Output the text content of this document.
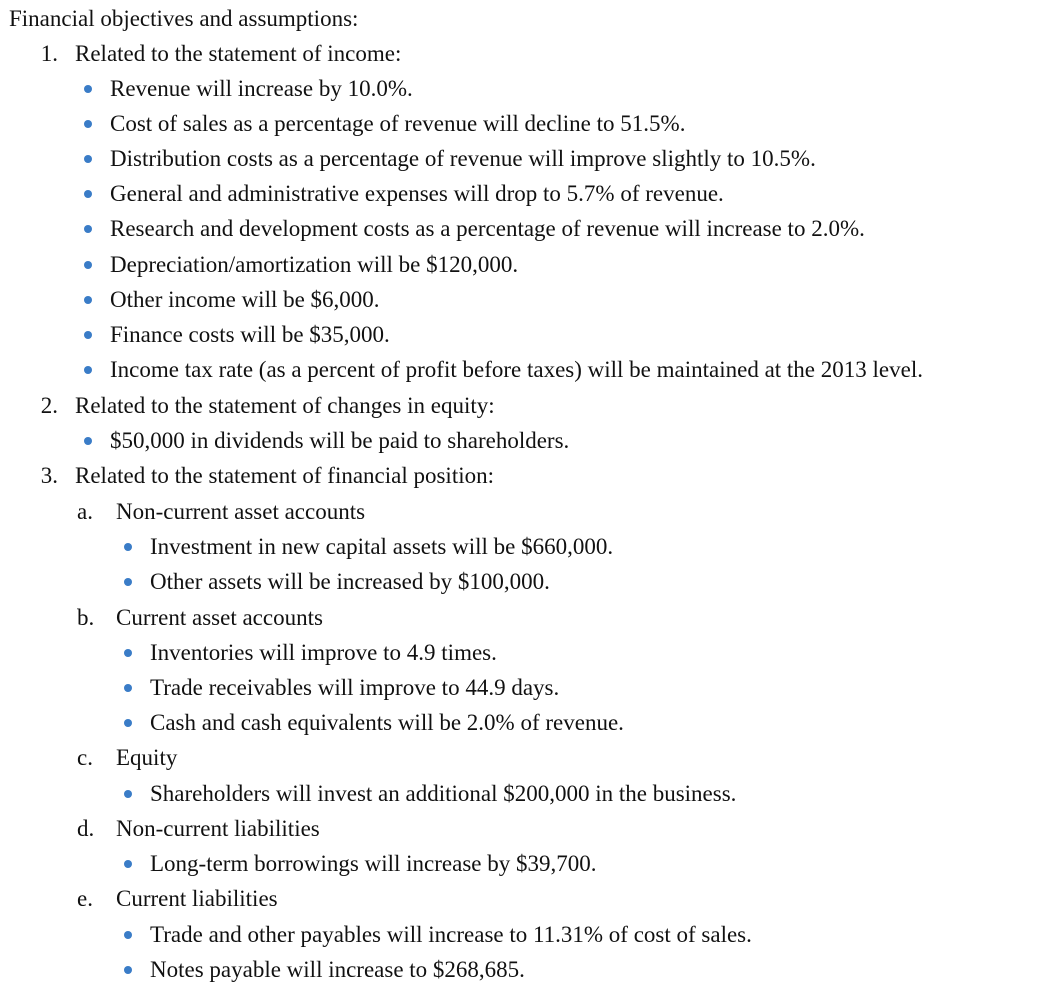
Financial objectives and assumptions:
1. Related to the statement of income:
Revenue will increase by 10.0%.
Cost of sales as a percentage of revenue will decline to 51.5%.
Distribution costs as a percentage of revenue will improve slightly to 10.5%.
General and administrative expenses will drop to 5.7% of revenue.
Research and development costs as a percentage of revenue will increase to 2.0%.
Depreciation/amortization will be $120,000.
Other income will be $6,000.
Finance costs will be $35,000.
Income tax rate (as a percent of profit before taxes) will be maintained at the 2013 level.
2. Related to the statement of changes in equity:
$50,000 in dividends will be paid to shareholders.
3. Related to the statement of financial position:
a. Non-current asset accounts
Investment in new capital assets will be $660,000.
Other assets will be increased by $100,000.
b. Current asset accounts
Inventories will improve to 4.9 times.
Trade receivables will improve to 44.9 days.
Cash and cash equivalents will be 2.0% of revenue.
c. Equity
Shareholders will invest an additional $200,000 in the business.
d. Non-current liabilities
Long-term borrowings will increase by $39,700.
e. Current liabilities
Trade and other payables will increase to 11.31% of cost of sales.
Notes payable will increase to $268,685.
